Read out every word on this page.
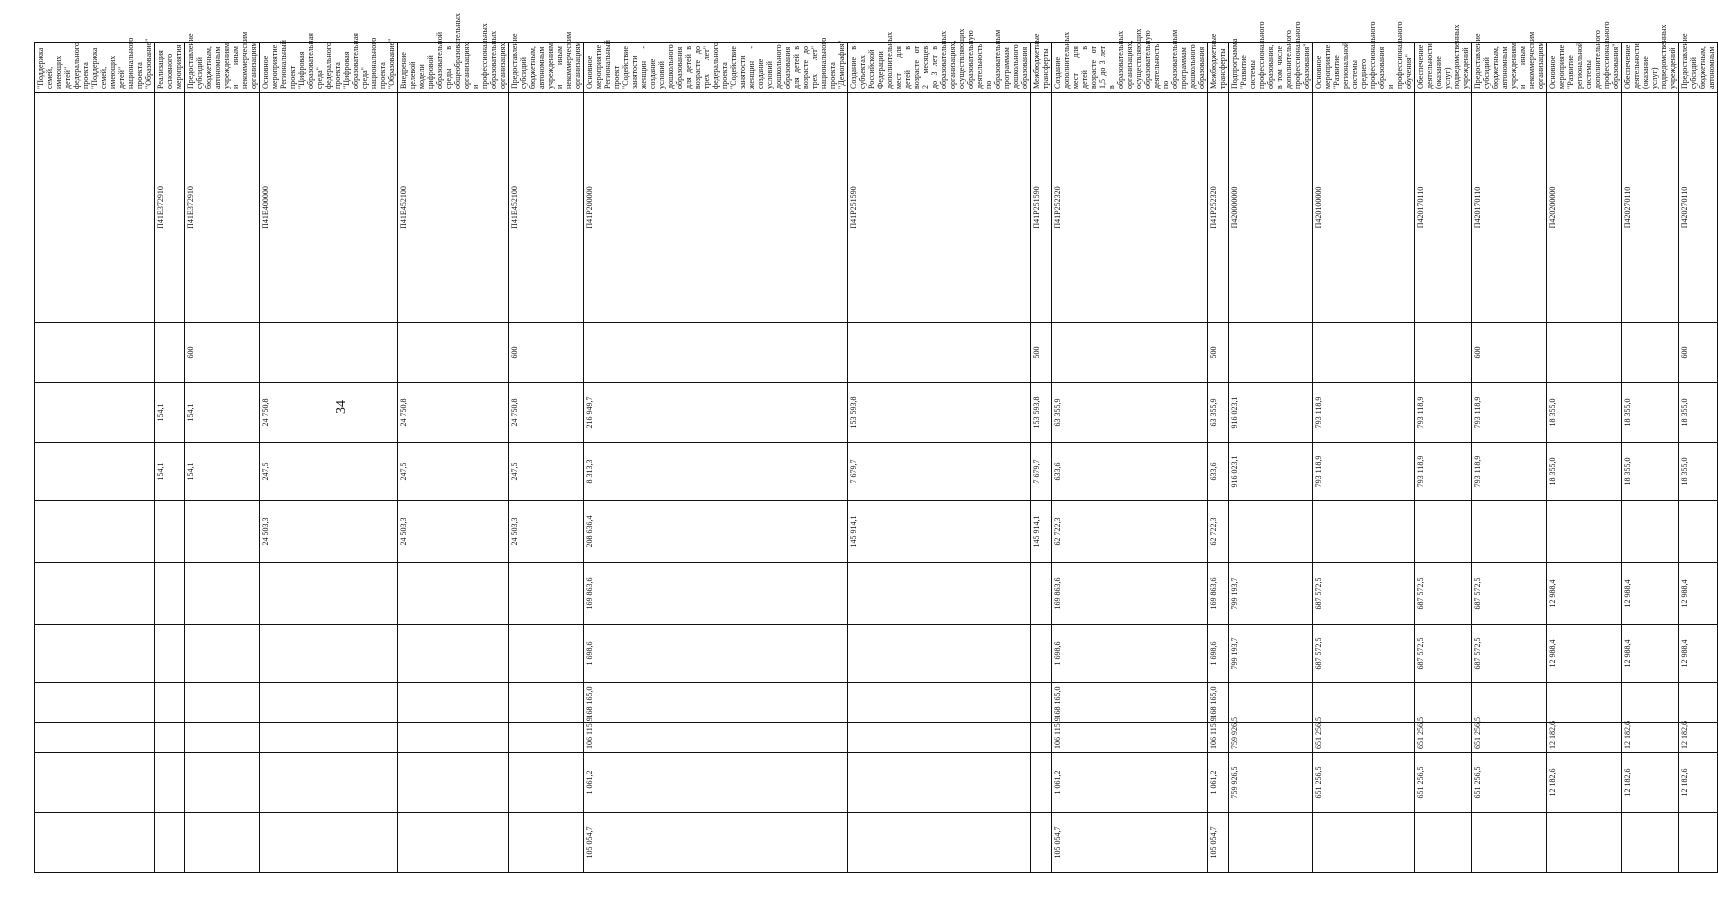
34
											"Поддержка семей, имеющих детей" федерального проекта "Поддержка семей, имеющих детей" национального проекта "Образование"
							154,1	154,1		П41Е372910	Реализация основного мероприятия
							154,1	154,1	600	П41Е372910	Предоставление субсидий бюджетным, автономным учреждениям и иным некоммерческим организациям
						24 503,3	247,5	24 750,8		П41Е400000	Основное мероприятие Региональный проект "Цифровая образовательная среда" федерального проекта "Цифровая образовательная среда" национального проекта "Образование"
						24 503,3	247,5	24 750,8		П41Е452100	Внедрение целевой модели цифровой образовательной среды в общеобразовательных организациях и профессиональных образовательных организациях
						24 503,3	247,5	24 750,8	600	П41Е452100	Предоставление субсидий бюджетным, автономным учреждениям и иным некоммерческим организациям
105 054,7	1 061,2	106 115,9	168 165,0	1 698,6	169 863,6	208 636,4	8 313,3	216 949,7		П41Р200000	Основное мероприятие Региональный проект "Содействие занятости женщин - создание условий дошкольного образования для детей в возрасте до трех лет" федерального проекта "Содействие занятости женщин - создание условий дошкольного образования для детей в возрасте до трех лет" национального проекта "Демография"
						145 914,1	7 679,7	153 593,8		П41Р251590	Создание в субъектах Российской Федерации дополнительных мест для детей в возрасте от 2 месяцев до 3 лет в образовательных организациях, осуществляющих образовательную деятельность по образовательным программам дошкольного образования
						145 914,1	7 679,7	153 593,8	500	П41Р251590	Межбюджетные трансферты
105 054,7	1 061,2	106 115,9	168 165,0	1 698,6	169 863,6	62 722,3	633,6	63 355,9		П41Р252320	Создание дополнительных мест для детей в возрасте от 1,5 до 3 лет в образовательных организациях, осуществляющих образовательную деятельность по образовательным программам дошкольного образования
105 054,7	1 061,2	106 115,9	168 165,0	1 698,6	169 863,6	62 722,3	633,6	63 355,9	500	П41Р252320	Межбюджетные трансферты
	759 926,5	759 926,5		799 193,7	799 193,7		916 023,1	916 023,1		П420000000	Подпрограмма "Развитие системы профессионального образования, в том числе дополнительного профессионального образования"
	651 256,5	651 256,5		687 572,5	687 572,5		793 118,9	793 118,9		П420100000	Основное мероприятие "Развитие региональной системы среднего профессионального образования и профессионального обучения"
	651 256,5	651 256,5		687 572,5	687 572,5		793 118,9	793 118,9		П420170110	Обеспечение деятельности (оказание услуг) подведомственных учреждений
	651 256,5	651 256,5		687 572,5	687 572,5		793 118,9	793 118,9	600	П420170110	Предоставление субсидий бюджетным, автономным учреждениям и иным некоммерческим организациям
	12 182,6	12 182,6		12 988,4	12 988,4		18 355,0	18 355,0		П420200000	Основное мероприятие "Развитие региональной системы дополнительного профессионального образования"
	12 182,6	12 182,6		12 988,4	12 988,4		18 355,0	18 355,0		П420270110	Обеспечение деятельности (оказание услуг) подведомственных учреждений
	12 182,6	12 182,6		12 988,4	12 988,4		18 355,0	18 355,0	600	П420270110	Предоставление субсидий бюджетным, автономным
